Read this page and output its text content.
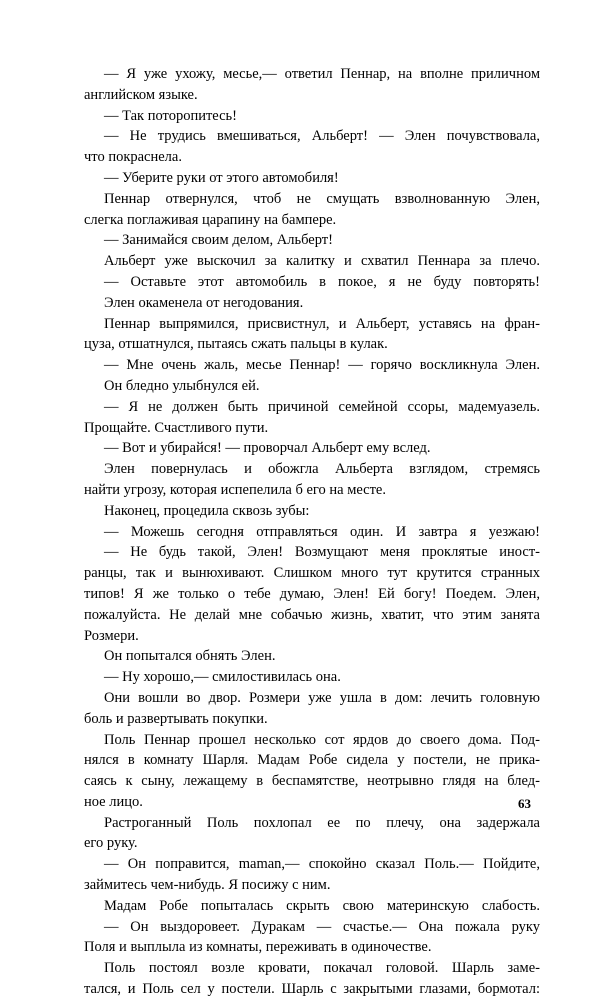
— Я уже ухожу, месье,— ответил Пеннар, на вполне приличном
английском языке.
— Так поторопитесь!
— Не трудись вмешиваться, Альберт! — Элен почувствовала,
что покраснела.
— Уберите руки от этого автомобиля!
Пеннар отвернулся, чтоб не смущать взволнованную Элен,
слегка поглаживая царапину на бампере.
— Занимайся своим делом, Альберт!
Альберт уже выскочил за калитку и схватил Пеннара за плечо.
— Оставьте этот автомобиль в покое, я не буду повторять!
Элен окаменела от негодования.
Пеннар выпрямился, присвистнул, и Альберт, уставясь на фран-
цуза, отшатнулся, пытаясь сжать пальцы в кулак.
— Мне очень жаль, месье Пеннар! — горячо воскликнула Элен.
Он бледно улыбнулся ей.
— Я не должен быть причиной семейной ссоры, мадемуазель.
Прощайте. Счастливого пути.
— Вот и убирайся! — проворчал Альберт ему вслед.
Элен повернулась и обожгла Альберта взглядом, стремясь
найти угрозу, которая испепелила б его на месте.
Наконец, процедила сквозь зубы:
— Можешь сегодня отправляться один. И завтра я уезжаю!
— Не будь такой, Элен! Возмущают меня проклятые иност-
ранцы, так и вынюхивают. Слишком много тут крутится странных
типов! Я же только о тебе думаю, Элен! Ей богу! Поедем. Элен,
пожалуйста. Не делай мне собачью жизнь, хватит, что этим занята
Розмери.
Он попытался обнять Элен.
— Ну хорошо,— смилостивилась она.
Они вошли во двор. Розмери уже ушла в дом: лечить головную
боль и развертывать покупки.
Поль Пеннар прошел несколько сот ярдов до своего дома. Под-
нялся в комнату Шарля. Мадам Робе сидела у постели, не прика-
саясь к сыну, лежащему в беспамятстве, неотрывно глядя на блед-
ное лицо.
Растроганный Поль похлопал ее по плечу, она задержала
его руку.
— Он поправится, maman,— спокойно сказал Поль.— Пойдите,
займитесь чем-нибудь. Я посижу с ним.
Мадам Робе попыталась скрыть свою материнскую слабость.
— Он выздоровеет. Дуракам — счастье.— Она пожала руку
Поля и выплыла из комнаты, переживать в одиночестве.
Поль постоял возле кровати, покачал головой. Шарль заме-
тался, и Поль сел у постели. Шарль с закрытыми глазами, бормотал:
63
